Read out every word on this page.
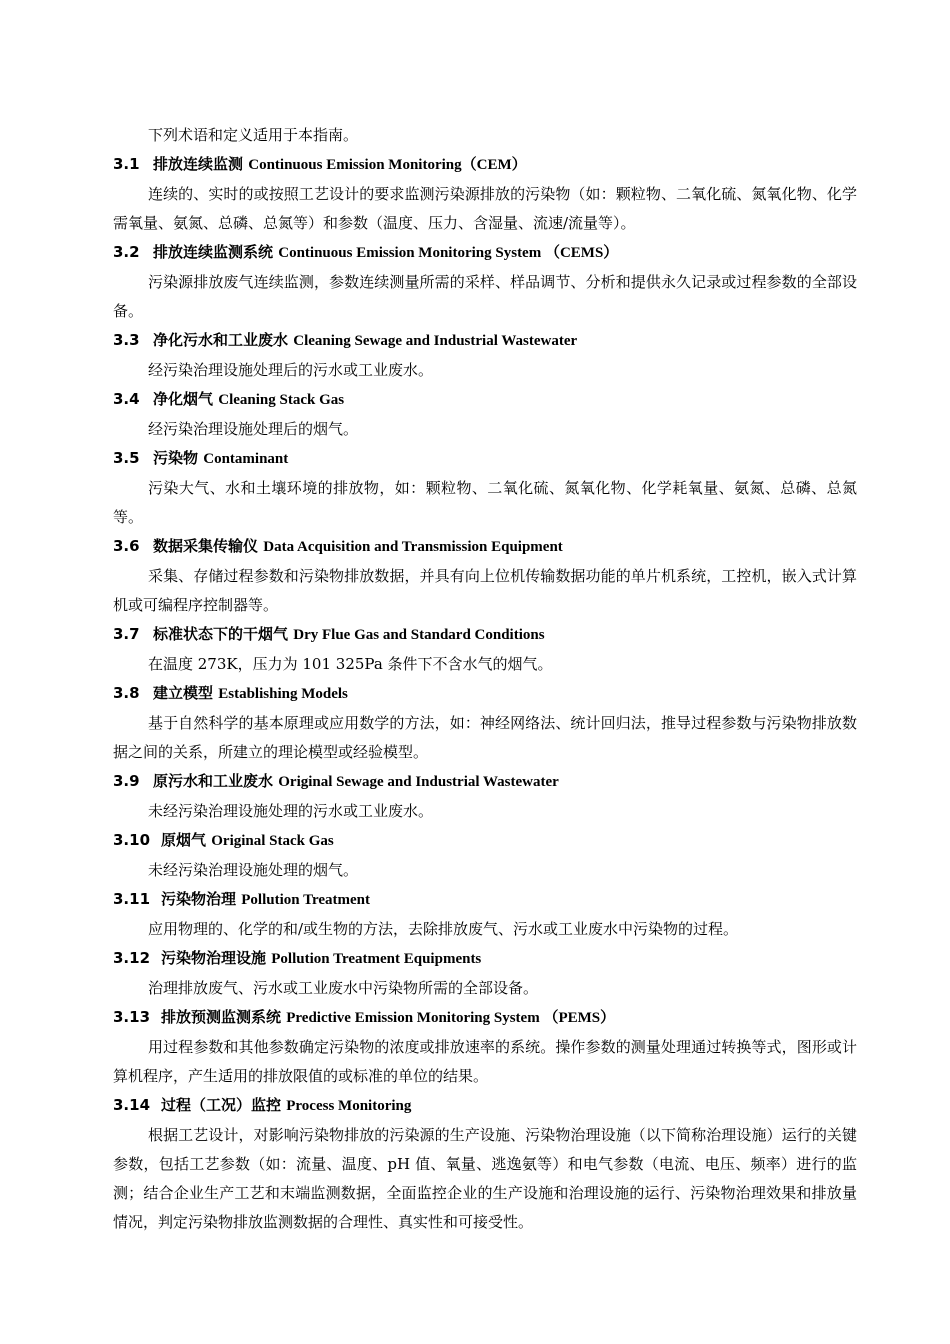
下列术语和定义适用于本指南。

3.1 排放连续监测 Continuous Emission Monitoring（CEM）

连续的、实时的或按照工艺设计的要求监测污染源排放的污染物（如：颗粒物、二氧化硫、氮氧化物、化学需氧量、氨氮、总磷、总氮等）和参数（温度、压力、含湿量、流速/流量等）。

3.2 排放连续监测系统 Continuous Emission Monitoring System （CEMS）

污染源排放废气连续监测，参数连续测量所需的采样、样品调节、分析和提供永久记录或过程参数的全部设备。

3.3 净化污水和工业废水 Cleaning Sewage and Industrial Wastewater

经污染治理设施处理后的污水或工业废水。

3.4 净化烟气 Cleaning Stack Gas

经污染治理设施处理后的烟气。

3.5 污染物 Contaminant

污染大气、水和土壤环境的排放物，如：颗粒物、二氧化硫、氮氧化物、化学耗氧量、氨氮、总磷、总氮等。

3.6 数据采集传输仪 Data Acquisition and Transmission Equipment

采集、存储过程参数和污染物排放数据，并具有向上位机传输数据功能的单片机系统，工控机，嵌入式计算机或可编程序控制器等。

3.7 标准状态下的干烟气 Dry Flue Gas and Standard Conditions

在温度 273K，压力为 101 325Pa 条件下不含水气的烟气。

3.8 建立模型 Establishing Models

基于自然科学的基本原理或应用数学的方法，如：神经网络法、统计回归法，推导过程参数与污染物排放数据之间的关系，所建立的理论模型或经验模型。

3.9 原污水和工业废水 Original Sewage and Industrial Wastewater

未经污染治理设施处理的污水或工业废水。

3.10 原烟气 Original Stack Gas

未经污染治理设施处理的烟气。

3.11 污染物治理 Pollution Treatment

应用物理的、化学的和/或生物的方法，去除排放废气、污水或工业废水中污染物的过程。

3.12 污染物治理设施 Pollution Treatment Equipments

治理排放废气、污水或工业废水中污染物所需的全部设备。

3.13 排放预测监测系统 Predictive Emission Monitoring System （PEMS）

用过程参数和其他参数确定污染物的浓度或排放速率的系统。操作参数的测量处理通过转换等式，图形或计算机程序，产生适用的排放限值的或标准的单位的结果。

3.14 过程（工况）监控 Process Monitoring

根据工艺设计，对影响污染物排放的污染源的生产设施、污染物治理设施（以下简称治理设施）运行的关键参数，包括工艺参数（如：流量、温度、pH 值、氧量、逃逸氨等）和电气参数（电流、电压、频率）进行的监测；结合企业生产工艺和末端监测数据，全面监控企业的生产设施和治理设施的运行、污染物治理效果和排放量情况，判定污染物排放监测数据的合理性、真实性和可接受性。
